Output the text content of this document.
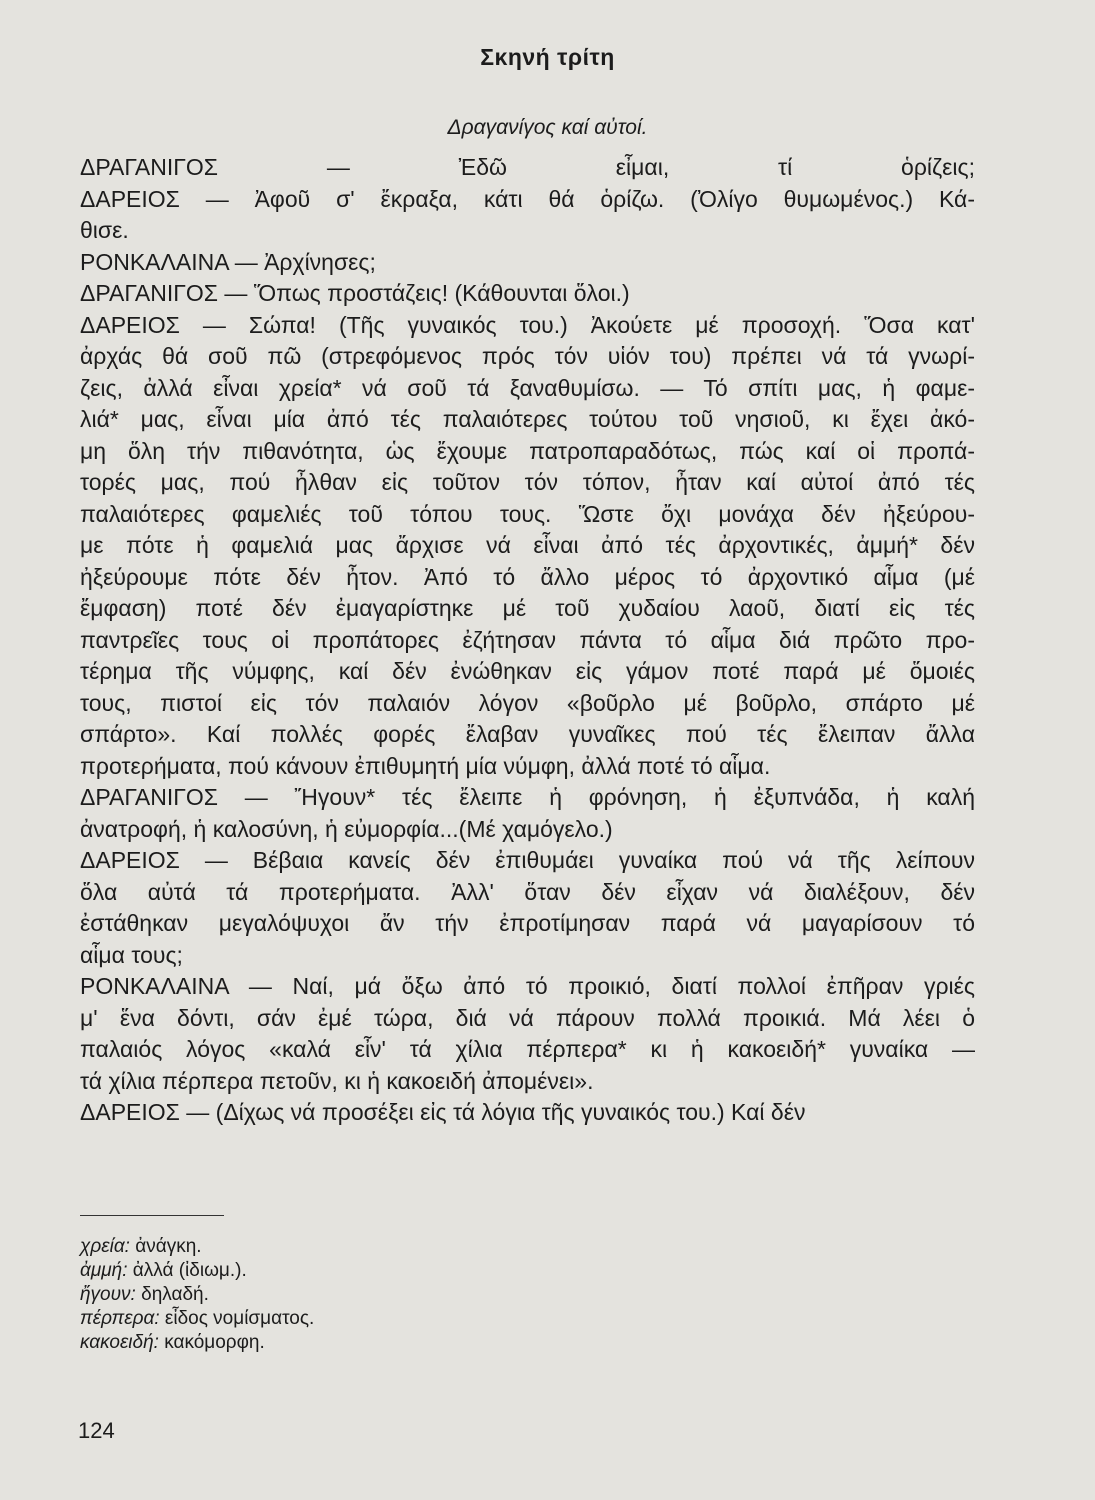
Σκηνή τρίτη
Δραγανίγος καί αὐτοί.
ΔΡΑΓΑΝΙΓΟΣ — Ἐδῶ εἶμαι, τί ὁρίζεις;
ΔΑΡΕΙΟΣ — Ἀφοῦ σ' ἔκραξα, κάτι θά ὁρίζω. (Ὀλίγο θυμωμένος.) Κά-
θισε.
ΡΟΝΚΑΛΑΙΝΑ — Ἀρχίνησες;
ΔΡΑΓΑΝΙΓΟΣ — Ὅπως προστάζεις! (Κάθουνται ὅλοι.)
ΔΑΡΕΙΟΣ — Σώπα! (Τῆς γυναικός του.) Ἀκούετε μέ προσοχή. Ὅσα κατ'
ἀρχάς θά σοῦ πῶ (στρεφόμενος πρός τόν υἱόν του) πρέπει νά τά γνωρί-
ζεις, ἀλλά εἶναι χρεία* νά σοῦ τά ξαναθυμίσω. — Τό σπίτι μας, ἡ φαμε-
λιά* μας, εἶναι μία ἀπό τές παλαιότερες τούτου τοῦ νησιοῦ, κι ἔχει ἀκό-
μη ὅλη τήν πιθανότητα, ὡς ἔχουμε πατροπαραδότως, πώς καί οἱ προπά-
τορές μας, πού ἦλθαν εἰς τοῦτον τόν τόπον, ἦταν καί αὐτοί ἀπό τές
παλαιότερες φαμελιές τοῦ τόπου τους. Ὥστε ὄχι μονάχα δέν ἠξεύρου-
με πότε ἡ φαμελιά μας ἄρχισε νά εἶναι ἀπό τές ἀρχοντικές, ἀμμή* δέν
ἠξεύρουμε πότε δέν ἦτον. Ἀπό τό ἄλλο μέρος τό ἀρχοντικό αἷμα (μέ
ἔμφαση) ποτέ δέν ἐμαγαρίστηκε μέ τοῦ χυδαίου λαοῦ, διατί εἰς τές
παντρεῖες τους οἱ προπάτορες ἐζήτησαν πάντα τό αἷμα διά πρῶτο προ-
τέρημα τῆς νύμφης, καί δέν ἐνώθηκαν εἰς γάμον ποτέ παρά μέ ὅμοιές
τους, πιστοί εἰς τόν παλαιόν λόγον «βοῦρλο μέ βοῦρλο, σπάρτο μέ
σπάρτο». Καί πολλές φορές ἔλαβαν γυναῖκες πού τές ἔλειπαν ἄλλα
προτερήματα, πού κάνουν ἐπιθυμητή μία νύμφη, ἀλλά ποτέ τό αἷμα.
ΔΡΑΓΑΝΙΓΟΣ — Ἤγουν* τές ἔλειπε ἡ φρόνηση, ἡ ἐξυπνάδα, ἡ καλή
ἀνατροφή, ἡ καλοσύνη, ἡ εὐμορφία...(Μέ χαμόγελο.)
ΔΑΡΕΙΟΣ — Βέβαια κανείς δέν ἐπιθυμάει γυναίκα πού νά τῆς λείπουν
ὅλα αὐτά τά προτερήματα. Ἀλλ' ὅταν δέν εἶχαν νά διαλέξουν, δέν
ἐστάθηκαν μεγαλόψυχοι ἄν τήν ἐπροτίμησαν παρά νά μαγαρίσουν τό
αἷμα τους;
ΡΟΝΚΑΛΑΙΝΑ — Ναί, μά ὄξω ἀπό τό προικιό, διατί πολλοί ἐπῆραν γριές
μ' ἕνα δόντι, σάν ἐμέ τώρα, διά νά πάρουν πολλά προικιά. Μά λέει ὁ
παλαιός λόγος «καλά εἶν' τά χίλια πέρπερα* κι ἡ κακοειδή* γυναίκα —
τά χίλια πέρπερα πετοῦν, κι ἡ κακοειδή ἀπομένει».
ΔΑΡΕΙΟΣ — (Δίχως νά προσέξει εἰς τά λόγια τῆς γυναικός του.) Καί δέν
χρεία: ἀνάγκη.
ἀμμή: ἀλλά (ἰδιωμ.).
ἤγουν: δηλαδή.
πέρπερα: εἶδος νομίσματος.
κακοειδή: κακόμορφη.
124
